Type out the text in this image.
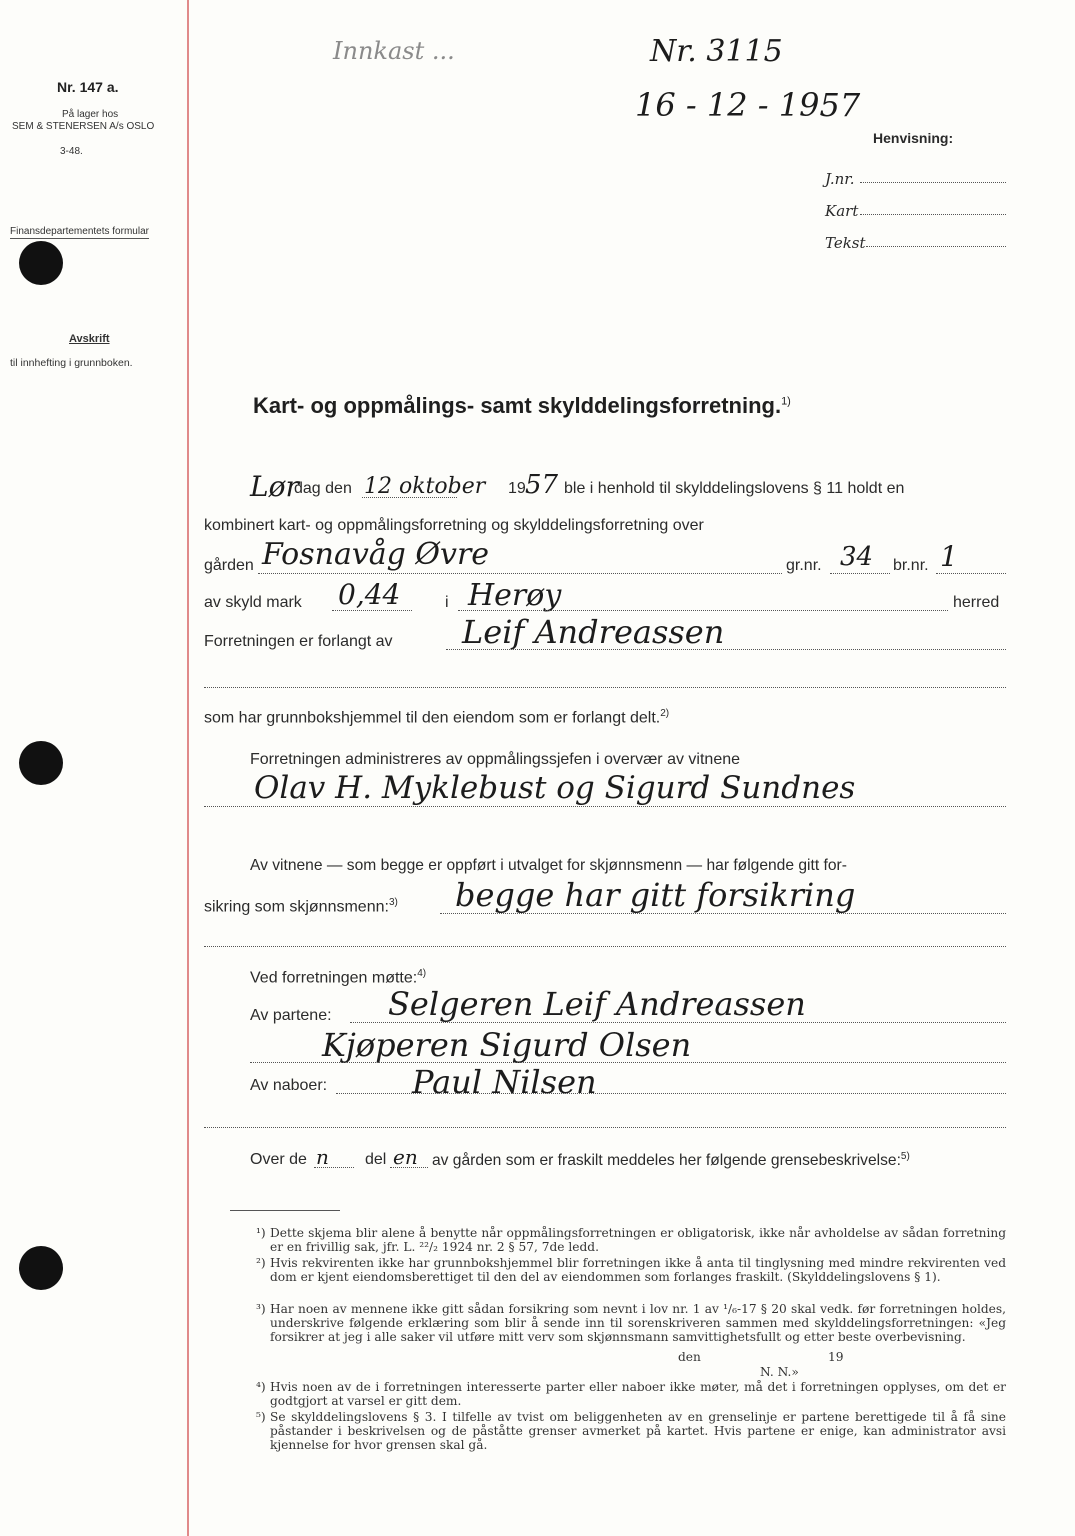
Nr. 147 a.
På lager hos
SEM & STENERSEN A/s OSLO
3-48.
Finansdepartementets formular
Avskrift
til innhefting i grunnboken.
Innkast ...	Nr. 3115
16 - 12 - 1957
Henvisning:
J.nr.
Kart
Tekst
Kart- og oppmålings- samt skylddelingsforretning.$^{1)}$
Lør
dag den 12 oktober 19 57 ble i henhold til skylddelingslovens § 11 holdt en
kombinert kart- og oppmålingsforretning og skylddelingsforretning over
gården Fosnavåg Øvre	gr.nr. 34 br.nr. 1
av skyld mark 0,44	i Herøy	herred
Forretningen er forlangt av Leif Andreassen
som har grunnbokshjemmel til den eiendom som er forlangt delt.$^{2)}$
Forretningen administreres av oppmålingssjefen i overvær av vitnene
Olav H. Myklebust og Sigurd Sundnes
Av vitnene — som begge er oppført i utvalget for skjønnsmenn — har følgende gitt for-
sikring som skjønnsmenn:$^{3)}$ begge har gitt forsikring
Ved forretningen møtte:$^{4)}$
Av partene: Selgeren Leif Andreassen
Kjøperen Sigurd Olsen
Av naboer:	Paul Nilsen
Over de n del en av gården som er fraskilt meddeles her følgende grensebeskrivelse:$^{5)}$
¹) Dette skjema blir alene å benytte når oppmålingsforretningen er obligatorisk, ikke når avholdelse av sådan forretning er en frivillig sak, jfr. L. ²²/₂ 1924 nr. 2 § 57, 7de ledd.
²) Hvis rekvirenten ikke har grunnbokshjemmel blir forretningen ikke å anta til tinglysning med mindre rekvirenten ved dom er kjent eiendomsberettiget til den del av eiendommen som forlanges fraskilt. (Skylddelingslovens § 1).
³) Har noen av mennene ikke gitt sådan forsikring som nevnt i lov nr. 1 av ¹/₆-17 § 20 skal vedk. før forretningen holdes, underskrive følgende erklæring som blir å sende inn til sorenskriveren sammen med skylddelingsforretningen: «Jeg forsikrer at jeg i alle saker vil utføre mitt verv som skjønnsmann samvittighetsfullt og etter beste overbevisning.
den	19
N. N.»
⁴) Hvis noen av de i forretningen interesserte parter eller naboer ikke møter, må det i forretningen opplyses, om det er godtgjort at varsel er gitt dem.
⁵) Se skylddelingslovens § 3. I tilfelle av tvist om beliggenheten av en grenselinje er partene berettigede til å få sine påstander i beskrivelsen og de påståtte grenser avmerket på kartet. Hvis partene er enige, kan administrator avsi kjennelse for hvor grensen skal gå.
